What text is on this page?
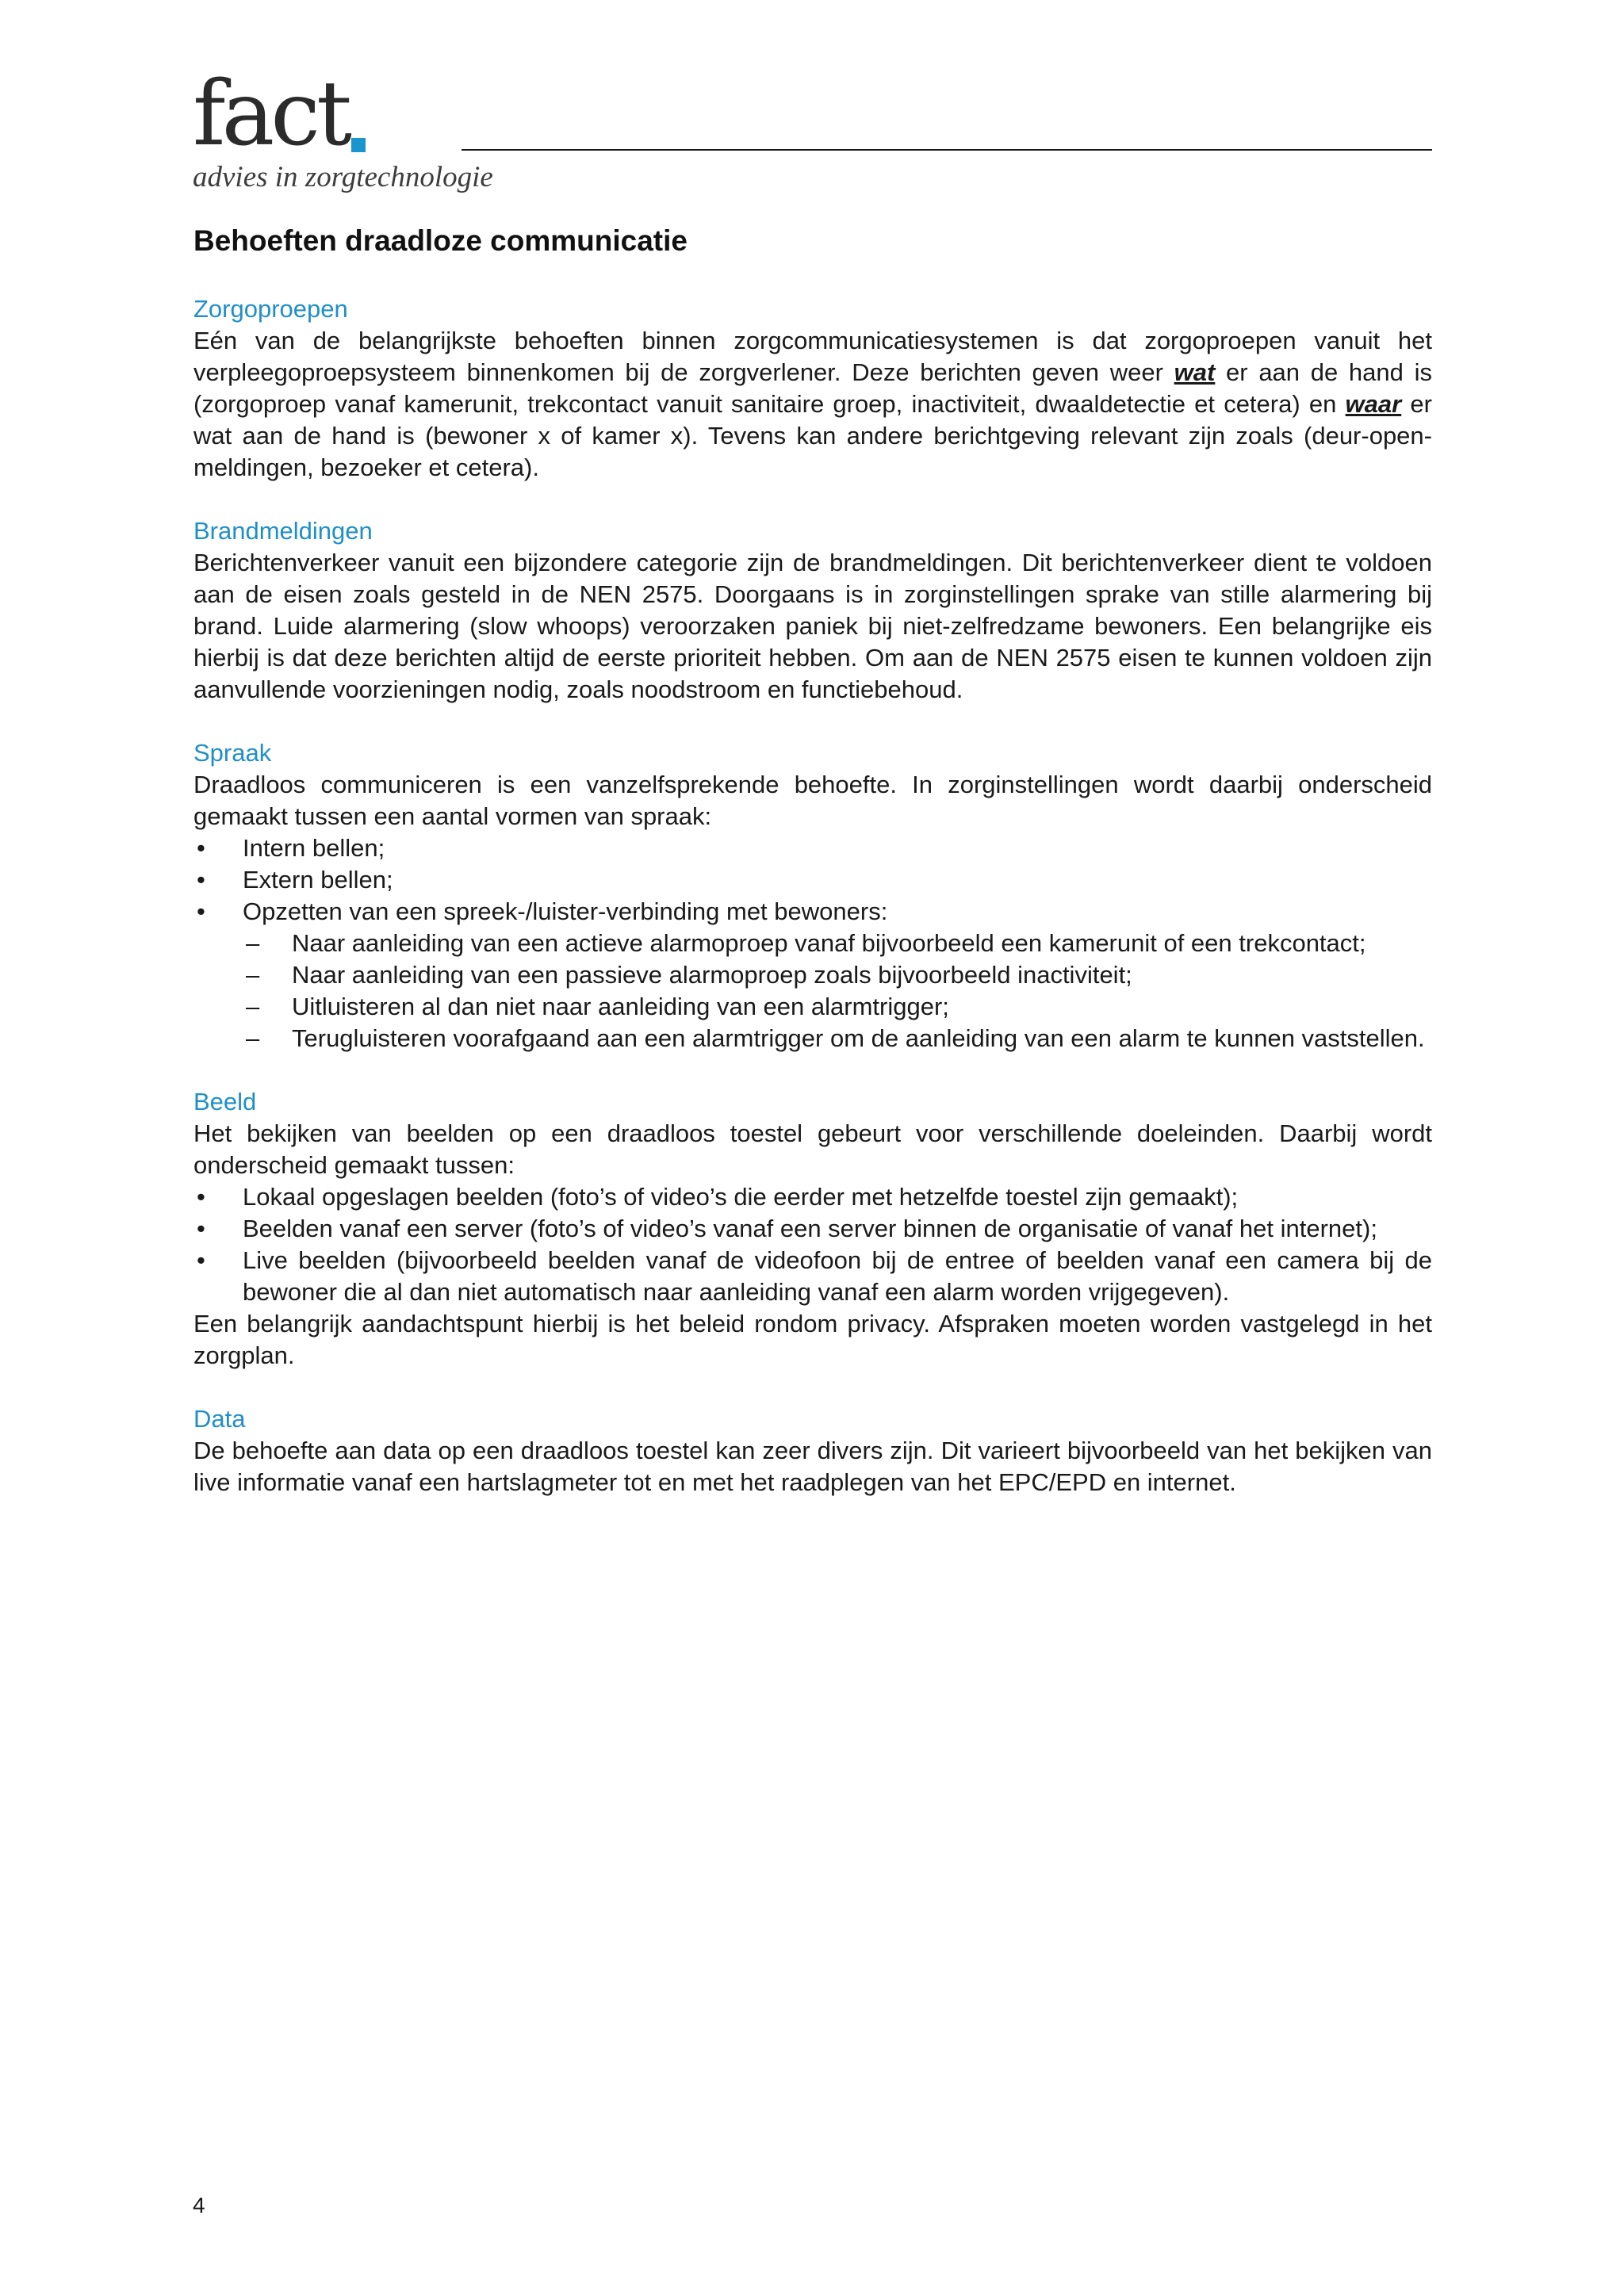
fact
advies in zorgtechnologie
Behoeften draadloze communicatie
Zorgoproepen

Eén van de belangrijkste behoeften binnen zorgcommunicatiesystemen is dat zorgoproepen vanuit het verpleegoproepsysteem binnenkomen bij de zorgverlener. Deze berichten geven weer wat er aan de hand is (zorgoproep vanaf kamerunit, trekcontact vanuit sanitaire groep, inactiviteit, dwaaldetectie et cetera) en waar er wat aan de hand is (bewoner x of kamer x). Tevens kan andere berichtgeving relevant zijn zoals (deur-open-meldingen, bezoeker et cetera).

Brandmeldingen

Berichtenverkeer vanuit een bijzondere categorie zijn de brandmeldingen. Dit berichtenverkeer dient te voldoen aan de eisen zoals gesteld in de NEN 2575. Doorgaans is in zorginstellingen sprake van stille alarmering bij brand. Luide alarmering (slow whoops) veroorzaken paniek bij niet-zelfredzame bewoners. Een belangrijke eis hierbij is dat deze berichten altijd de eerste prioriteit hebben. Om aan de NEN 2575 eisen te kunnen voldoen zijn aanvullende voorzieningen nodig, zoals noodstroom en functiebehoud.

Spraak

Draadloos communiceren is een vanzelfsprekende behoefte. In zorginstellingen wordt daarbij onderscheid gemaakt tussen een aantal vormen van spraak:

•	Intern bellen;
•	Extern bellen;
•	Opzetten van een spreek-/luister-verbinding met bewoners:
–	Naar aanleiding van een actieve alarmoproep vanaf bijvoorbeeld een kamerunit of een trekcontact;
–	Naar aanleiding van een passieve alarmoproep zoals bijvoorbeeld inactiviteit;
–	Uitluisteren al dan niet naar aanleiding van een alarmtrigger;
–	Terugluisteren voorafgaand aan een alarmtrigger om de aanleiding van een alarm te kunnen vaststellen.
Beeld

Het bekijken van beelden op een draadloos toestel gebeurt voor verschillende doeleinden. Daarbij wordt onderscheid gemaakt tussen:

•	Lokaal opgeslagen beelden (foto’s of video’s die eerder met hetzelfde toestel zijn gemaakt);
•	Beelden vanaf een server (foto’s of video’s vanaf een server binnen de organisatie of vanaf het internet);
•	Live beelden (bijvoorbeeld beelden vanaf de videofoon bij de entree of beelden vanaf een camera bij de bewoner die al dan niet automatisch naar aanleiding vanaf een alarm worden vrijgegeven).

Een belangrijk aandachtspunt hierbij is het beleid rondom privacy. Afspraken moeten worden vastgelegd in het zorgplan.

Data

De behoefte aan data op een draadloos toestel kan zeer divers zijn. Dit varieert bijvoorbeeld van het bekijken van live informatie vanaf een hartslagmeter tot en met het raadplegen van het EPC/EPD en internet.

4
